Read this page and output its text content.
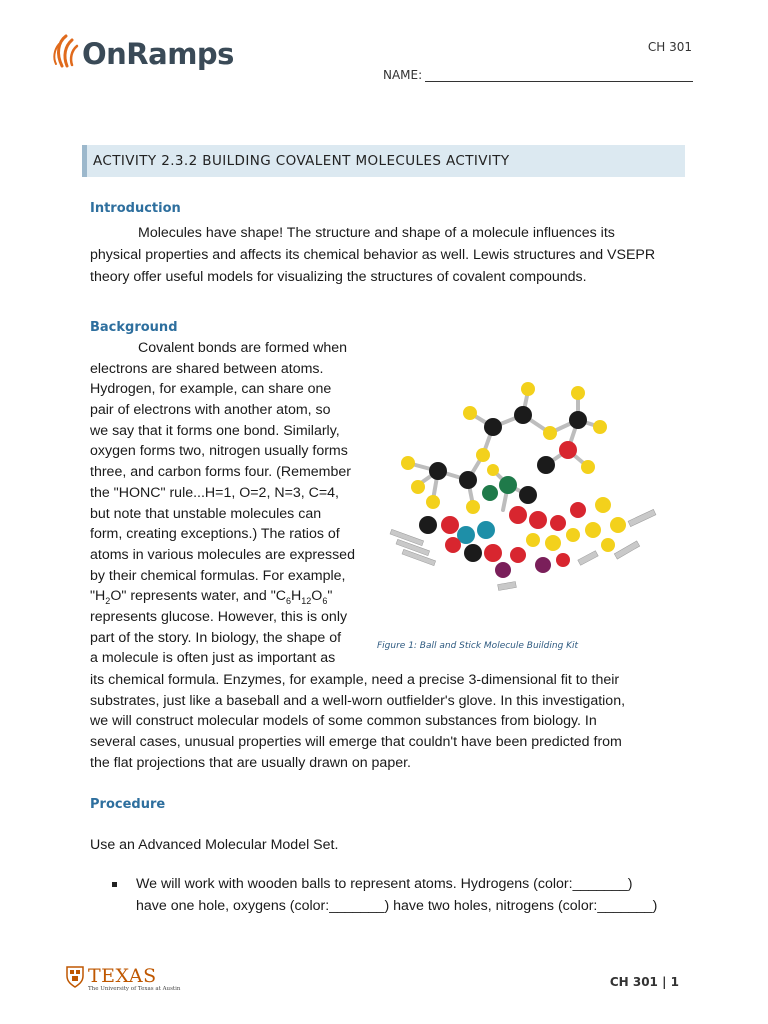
OnRamps	CH 301
NAME:
ACTIVITY 2.3.2 BUILDING COVALENT MOLECULES ACTIVITY
Introduction
Molecules have shape! The structure and shape of a molecule influences its
physical properties and affects its chemical behavior as well. Lewis structures and VSEPR
theory offer useful models for visualizing the structures of covalent compounds.
Background
Covalent bonds are formed when
electrons are shared between atoms.
Hydrogen, for example, can share one
pair of electrons with another atom, so
we say that it forms one bond. Similarly,
oxygen forms two, nitrogen usually forms
three, and carbon forms four. (Remember
the "HONC" rule...H=1, O=2, N=3, C=4,
but note that unstable molecules can
form, creating exceptions.) The ratios of
atoms in various molecules are expressed
by their chemical formulas. For example,
"$H_2O$" represents water, and "$C_6H_{12}O_6$"
represents glucose. However, this is only
part of the story. In biology, the shape of
a molecule is often just as important as
its chemical formula. Enzymes, for example, need a precise 3-dimensional fit to their
substrates, just like a baseball and a well-worn outfielder's glove. In this investigation,
we will construct molecular models of some common substances from biology. In
several cases, unusual properties will emerge that couldn't have been predicted from
the flat projections that are usually drawn on paper.
Figure 1: Ball and Stick Molecule Building Kit
Procedure
Use an Advanced Molecular Model Set.
We will work with wooden balls to represent atoms. Hydrogens (color:_______)
have one hole, oxygens (color:_______) have two holes, nitrogens (color:_______)
TEXAS
The University of Texas at Austin	CH 301 | 1
